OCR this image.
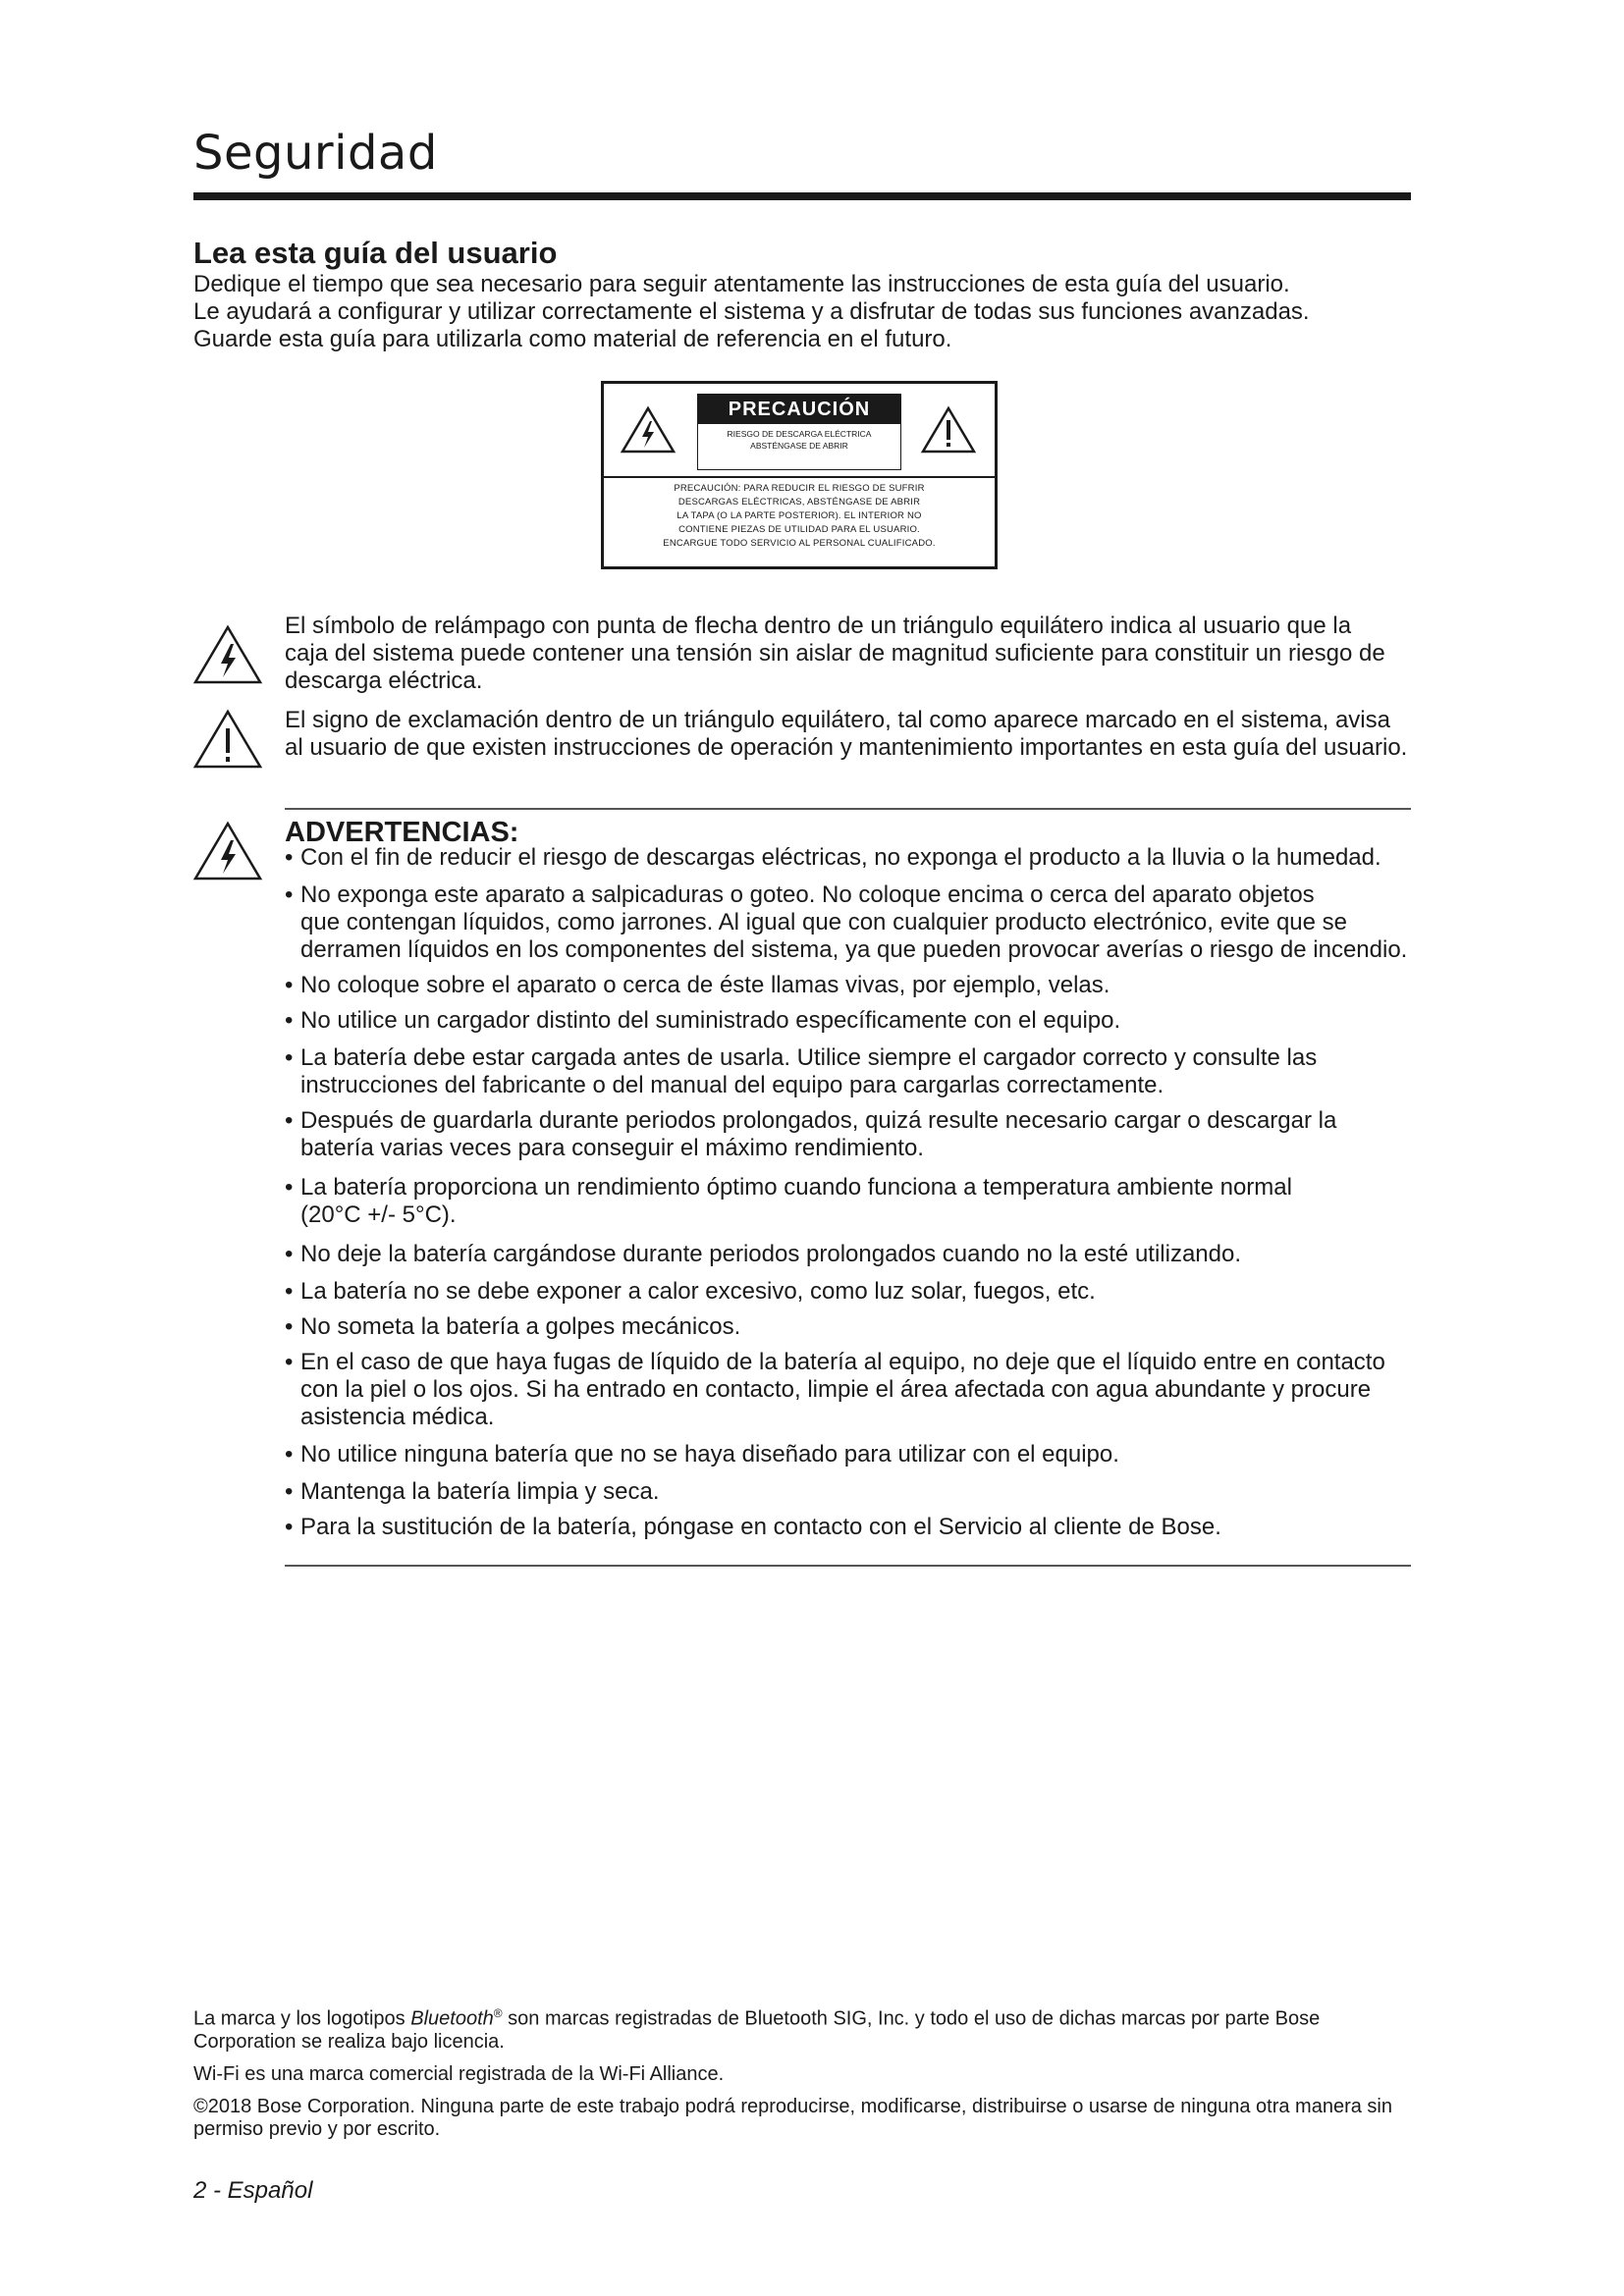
Seguridad
Lea esta guía del usuario

Dedique el tiempo que sea necesario para seguir atentamente las instrucciones de esta guía del usuario.

Le ayudará a configurar y utilizar correctamente el sistema y a disfrutar de todas sus funciones avanzadas.

Guarde esta guía para utilizarla como material de referencia en el futuro.

PRECAUCIÓN
RIESGO DE DESCARGA ELÉCTRICA
ABSTÉNGASE DE ABRIR
PRECAUCIÓN: PARA REDUCIR EL RIESGO DE SUFRIR
DESCARGAS ELÉCTRICAS, ABSTÉNGASE DE ABRIR
LA TAPA (O LA PARTE POSTERIOR). EL INTERIOR NO
CONTIENE PIEZAS DE UTILIDAD PARA EL USUARIO.
ENCARGUE TODO SERVICIO AL PERSONAL CUALIFICADO.
El símbolo de relámpago con punta de flecha dentro de un triángulo equilátero indica al usuario que la
caja del sistema puede contener una tensión sin aislar de magnitud suficiente para constituir un riesgo de
descarga eléctrica.
El signo de exclamación dentro de un triángulo equilátero, tal como aparece marcado en el sistema, avisa
al usuario de que existen instrucciones de operación y mantenimiento importantes en esta guía del usuario.
ADVERTENCIAS:
• Con el fin de reducir el riesgo de descargas eléctricas, no exponga el producto a la lluvia o la humedad.
• No exponga este aparato a salpicaduras o goteo. No coloque encima o cerca del aparato objetos
que contengan líquidos, como jarrones. Al igual que con cualquier producto electrónico, evite que se
derramen líquidos en los componentes del sistema, ya que pueden provocar averías o riesgo de incendio.
• No coloque sobre el aparato o cerca de éste llamas vivas, por ejemplo, velas.
• No utilice un cargador distinto del suministrado específicamente con el equipo.
• La batería debe estar cargada antes de usarla. Utilice siempre el cargador correcto y consulte las
instrucciones del fabricante o del manual del equipo para cargarlas correctamente.
• Después de guardarla durante periodos prolongados, quizá resulte necesario cargar o descargar la
batería varias veces para conseguir el máximo rendimiento.
• La batería proporciona un rendimiento óptimo cuando funciona a temperatura ambiente normal
(20°C +/- 5°C).
• No deje la batería cargándose durante periodos prolongados cuando no la esté utilizando.
• La batería no se debe exponer a calor excesivo, como luz solar, fuegos, etc.
• No someta la batería a golpes mecánicos.
• En el caso de que haya fugas de líquido de la batería al equipo, no deje que el líquido entre en contacto
con la piel o los ojos. Si ha entrado en contacto, limpie el área afectada con agua abundante y procure
asistencia médica.
• No utilice ninguna batería que no se haya diseñado para utilizar con el equipo.
• Mantenga la batería limpia y seca.
• Para la sustitución de la batería, póngase en contacto con el Servicio al cliente de Bose.

La marca y los logotipos Bluetooth® son marcas registradas de Bluetooth SIG, Inc. y todo el uso de dichas marcas por parte Bose
Corporation se realiza bajo licencia.

Wi-Fi es una marca comercial registrada de la Wi-Fi Alliance.

©2018 Bose Corporation. Ninguna parte de este trabajo podrá reproducirse, modificarse, distribuirse o usarse de ninguna otra manera sin
permiso previo y por escrito.

2 - Español
